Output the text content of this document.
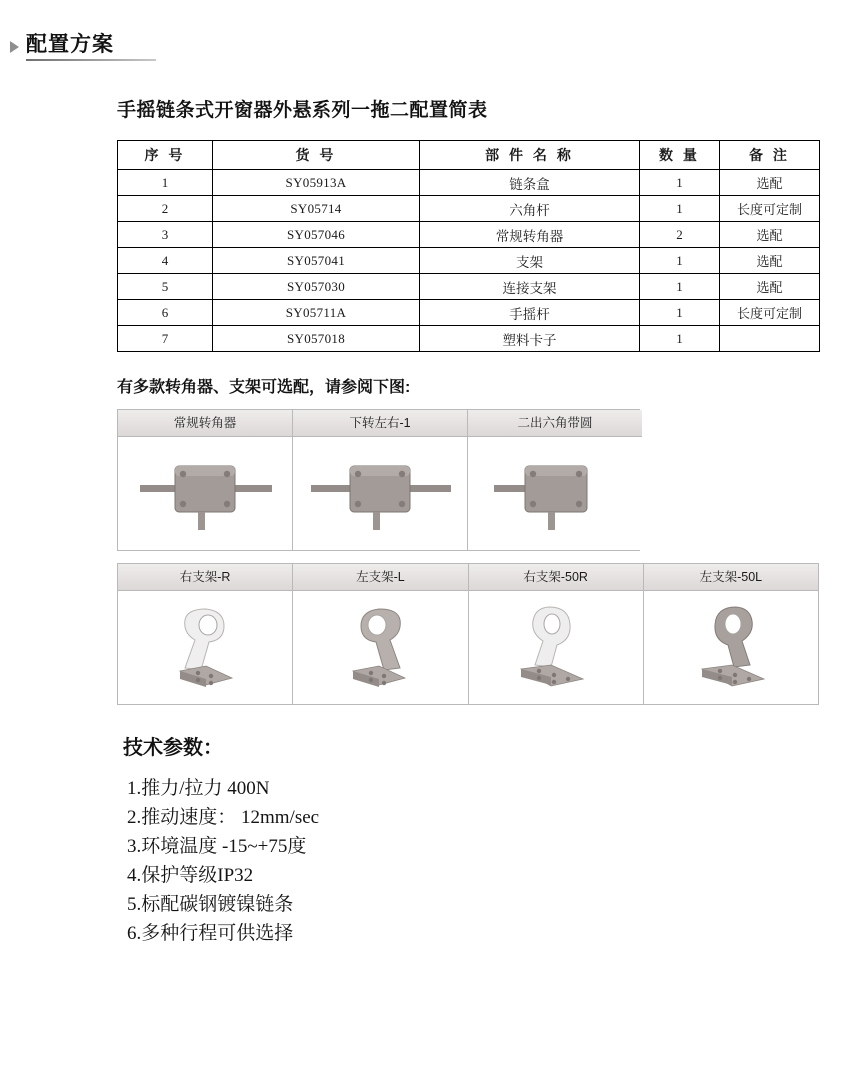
配置方案
手摇链条式开窗器外悬系列一拖二配置简表
序 号	货 号	部 件 名 称	数 量	备 注
1	SY05913A	链条盒	1	选配
2	SY05714	六角杆	1	长度可定制
3	SY057046	常规转角器	2	选配
4	SY057041	支架	1	选配
5	SY057030	连接支架	1	选配
6	SY05711A	手摇杆	1	长度可定制
7	SY057018	塑料卡子	1	
有多款转角器、支架可选配，请参阅下图:
常规转角器	下转左右-1	二出六角带圆
右支架-R	左支架-L	右支架-50R	左支架-50L
技术参数：
1.推力/拉力 400N
2.推动速度： 12mm/sec
3.环境温度 -15~+75度
4.保护等级IP32
5.标配碳钢镀镍链条
6.多种行程可供选择
